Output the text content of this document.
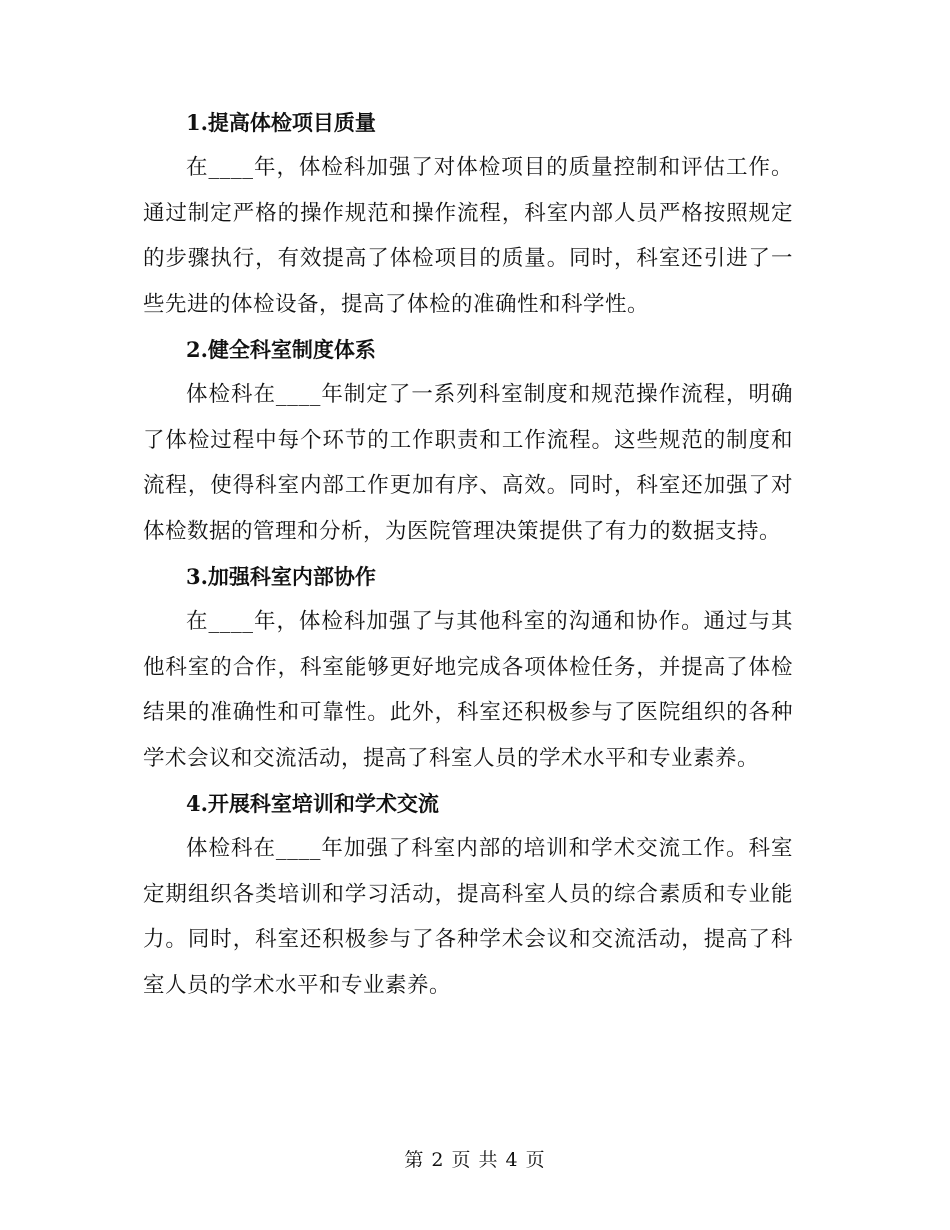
1.提高体检项目质量

在____年，体检科加强了对体检项目的质量控制和评估工作。通过制定严格的操作规范和操作流程，科室内部人员严格按照规定的步骤执行，有效提高了体检项目的质量。同时，科室还引进了一些先进的体检设备，提高了体检的准确性和科学性。

2.健全科室制度体系

体检科在____年制定了一系列科室制度和规范操作流程，明确了体检过程中每个环节的工作职责和工作流程。这些规范的制度和流程，使得科室内部工作更加有序、高效。同时，科室还加强了对体检数据的管理和分析，为医院管理决策提供了有力的数据支持。

3.加强科室内部协作

在____年，体检科加强了与其他科室的沟通和协作。通过与其他科室的合作，科室能够更好地完成各项体检任务，并提高了体检结果的准确性和可靠性。此外，科室还积极参与了医院组织的各种学术会议和交流活动，提高了科室人员的学术水平和专业素养。

4.开展科室培训和学术交流

体检科在____年加强了科室内部的培训和学术交流工作。科室定期组织各类培训和学习活动，提高科室人员的综合素质和专业能力。同时，科室还积极参与了各种学术会议和交流活动，提高了科室人员的学术水平和专业素养。

第 2 页 共 4 页
